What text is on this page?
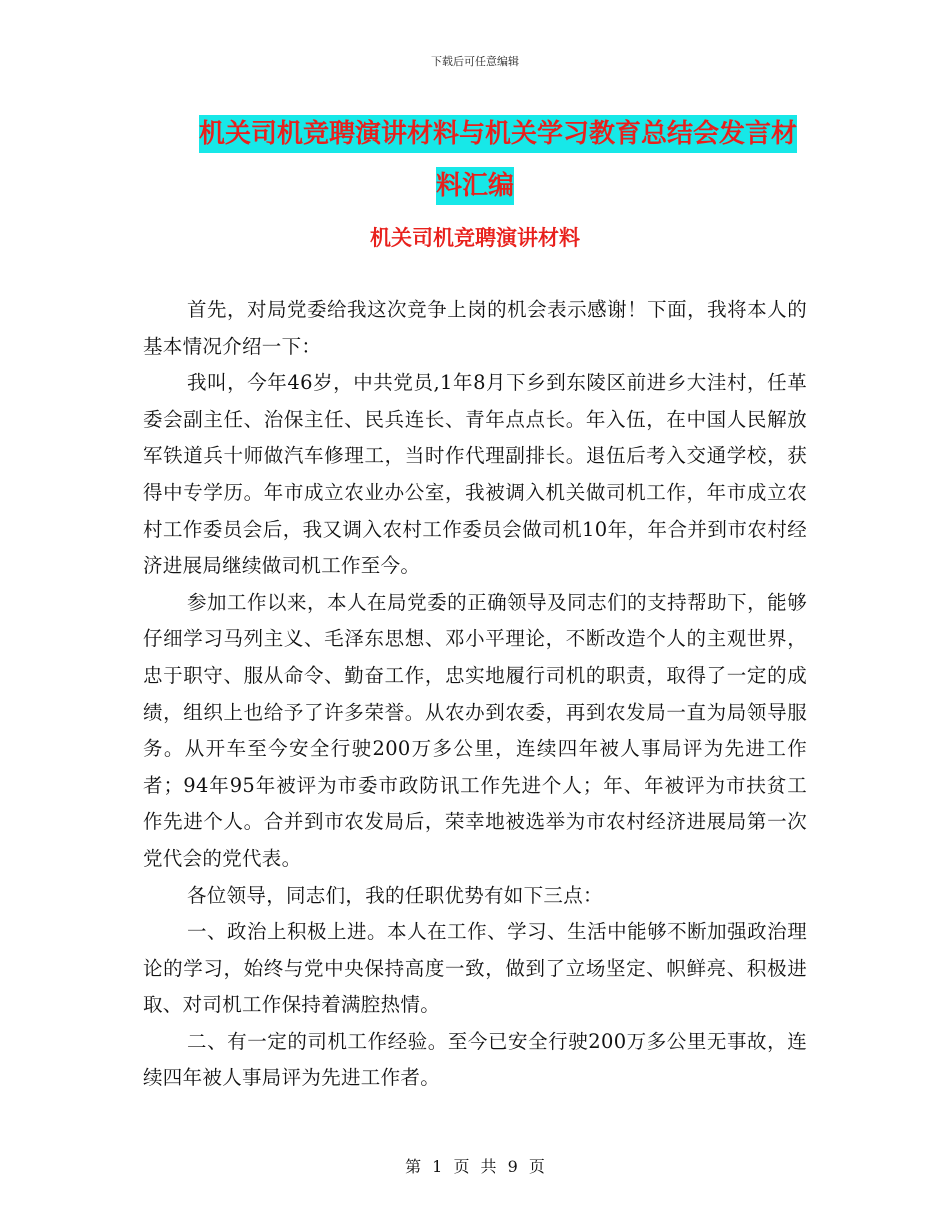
下载后可任意编辑
机关司机竞聘演讲材料与机关学习教育总结会发言材
料汇编
机关司机竞聘演讲材料

首先，对局党委给我这次竞争上岗的机会表示感谢！下面，我将本人的基本情况介绍一下：

我叫，今年46岁，中共党员,1年8月下乡到东陵区前进乡大洼村，任革委会副主任、治保主任、民兵连长、青年点点长。年入伍，在中国人民解放军铁道兵十师做汽车修理工，当时作代理副排长。退伍后考入交通学校，获得中专学历。年市成立农业办公室，我被调入机关做司机工作，年市成立农村工作委员会后，我又调入农村工作委员会做司机10年，年合并到市农村经济进展局继续做司机工作至今。

参加工作以来，本人在局党委的正确领导及同志们的支持帮助下，能够仔细学习马列主义、毛泽东思想、邓小平理论，不断改造个人的主观世界，忠于职守、服从命令、勤奋工作，忠实地履行司机的职责，取得了一定的成绩，组织上也给予了许多荣誉。从农办到农委，再到农发局一直为局领导服务。从开车至今安全行驶200万多公里，连续四年被人事局评为先进工作者；94年95年被评为市委市政防讯工作先进个人；年、年被评为市扶贫工作先进个人。合并到市农发局后，荣幸地被选举为市农村经济进展局第一次党代会的党代表。

各位领导，同志们，我的任职优势有如下三点：

一、政治上积极上进。本人在工作、学习、生活中能够不断加强政治理论的学习，始终与党中央保持高度一致，做到了立场坚定、帜鲜亮、积极进取、对司机工作保持着满腔热情。

二、有一定的司机工作经验。至今已安全行驶200万多公里无事故，连续四年被人事局评为先进工作者。

第 1 页 共 9 页
